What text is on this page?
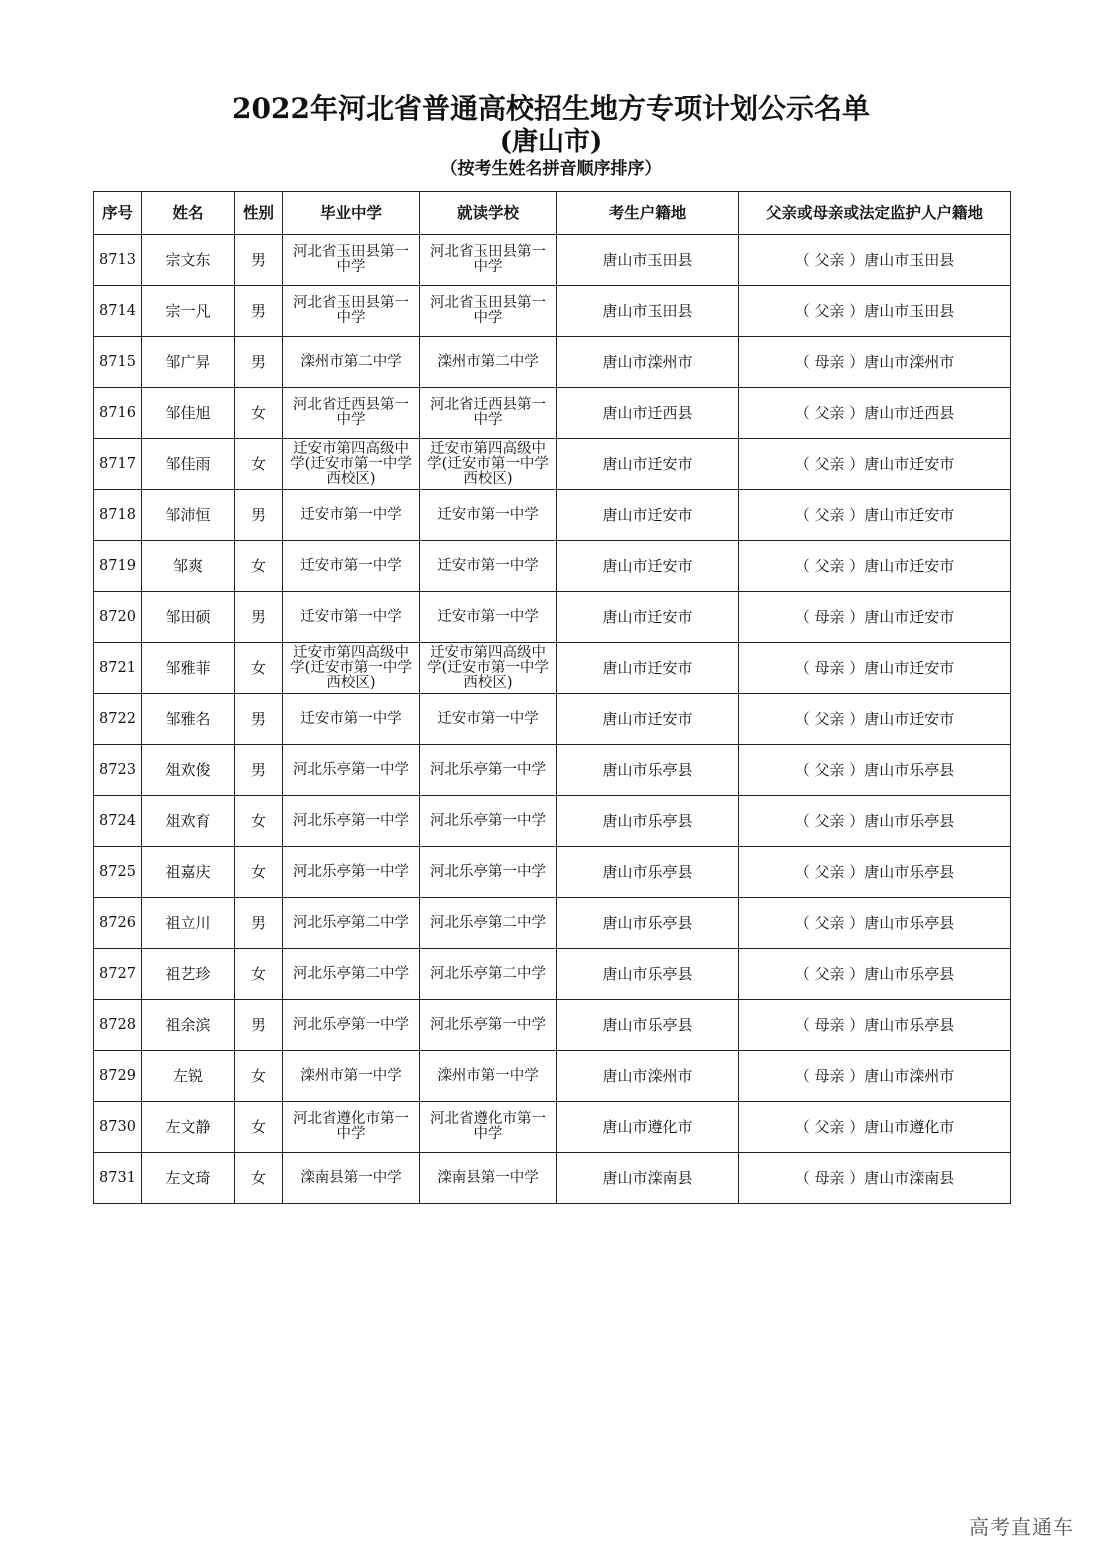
2022年河北省普通高校招生地方专项计划公示名单
(唐山市)
（按考生姓名拼音顺序排序）
序号	姓名	性别	毕业中学	就读学校	考生户籍地	父亲或母亲或法定监护人户籍地
8713	宗文东	男	河北省玉田县第一中学	河北省玉田县第一中学	唐山市玉田县	（ 父亲 ）唐山市玉田县
8714	宗一凡	男	河北省玉田县第一中学	河北省玉田县第一中学	唐山市玉田县	（ 父亲 ）唐山市玉田县
8715	邹广昇	男	滦州市第二中学	滦州市第二中学	唐山市滦州市	（ 母亲 ）唐山市滦州市
8716	邹佳旭	女	河北省迁西县第一中学	河北省迁西县第一中学	唐山市迁西县	（ 父亲 ）唐山市迁西县
8717	邹佳雨	女	迁安市第四高级中学(迁安市第一中学西校区)	迁安市第四高级中学(迁安市第一中学西校区)	唐山市迁安市	（ 父亲 ）唐山市迁安市
8718	邹沛恒	男	迁安市第一中学	迁安市第一中学	唐山市迁安市	（ 父亲 ）唐山市迁安市
8719	邹爽	女	迁安市第一中学	迁安市第一中学	唐山市迁安市	（ 父亲 ）唐山市迁安市
8720	邹田硕	男	迁安市第一中学	迁安市第一中学	唐山市迁安市	（ 母亲 ）唐山市迁安市
8721	邹雅菲	女	迁安市第四高级中学(迁安市第一中学西校区)	迁安市第四高级中学(迁安市第一中学西校区)	唐山市迁安市	（ 母亲 ）唐山市迁安市
8722	邹雅名	男	迁安市第一中学	迁安市第一中学	唐山市迁安市	（ 父亲 ）唐山市迁安市
8723	俎欢俊	男	河北乐亭第一中学	河北乐亭第一中学	唐山市乐亭县	（ 父亲 ）唐山市乐亭县
8724	俎欢育	女	河北乐亭第一中学	河北乐亭第一中学	唐山市乐亭县	（ 父亲 ）唐山市乐亭县
8725	祖嘉庆	女	河北乐亭第一中学	河北乐亭第一中学	唐山市乐亭县	（ 父亲 ）唐山市乐亭县
8726	祖立川	男	河北乐亭第二中学	河北乐亭第二中学	唐山市乐亭县	（ 父亲 ）唐山市乐亭县
8727	祖艺珍	女	河北乐亭第二中学	河北乐亭第二中学	唐山市乐亭县	（ 父亲 ）唐山市乐亭县
8728	祖余滨	男	河北乐亭第一中学	河北乐亭第一中学	唐山市乐亭县	（ 母亲 ）唐山市乐亭县
8729	左锐	女	滦州市第一中学	滦州市第一中学	唐山市滦州市	（ 母亲 ）唐山市滦州市
8730	左文静	女	河北省遵化市第一中学	河北省遵化市第一中学	唐山市遵化市	（ 父亲 ）唐山市遵化市
8731	左文琦	女	滦南县第一中学	滦南县第一中学	唐山市滦南县	（ 母亲 ）唐山市滦南县
高考直通车
